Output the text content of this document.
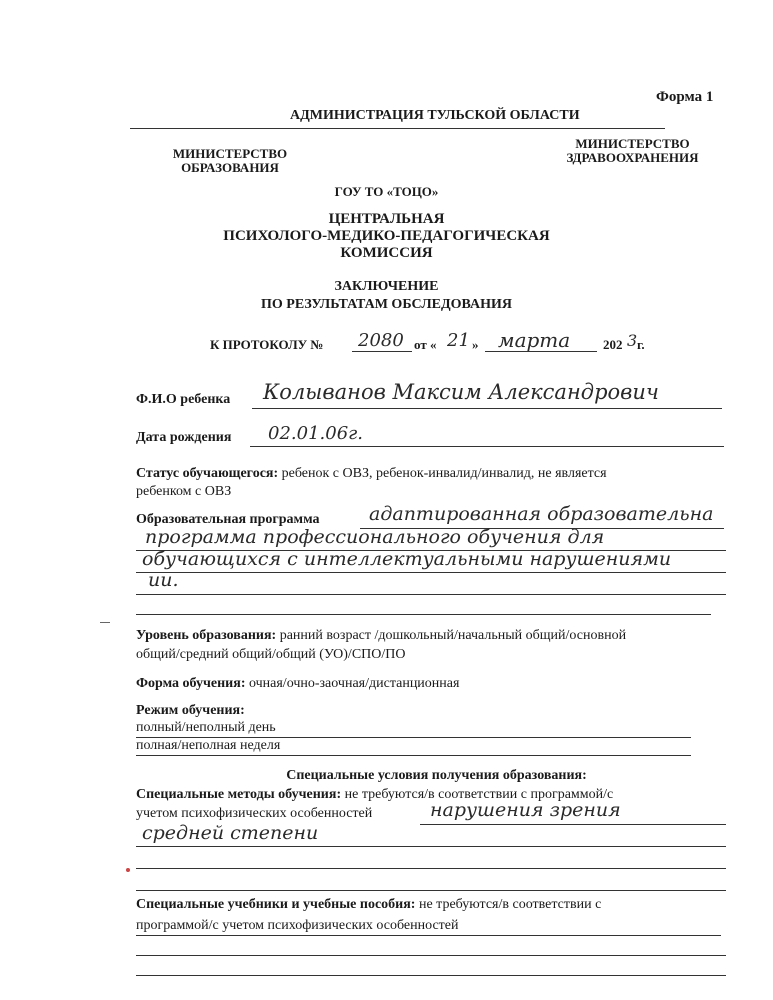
Форма 1
АДМИНИСТРАЦИЯ ТУЛЬСКОЙ ОБЛАСТИ
МИНИСТЕРСТВО
ОБРАЗОВАНИЯ
МИНИСТЕРСТВО
ЗДРАВООХРАНЕНИЯ
ГОУ ТО «ТОЦО»
ЦЕНТРАЛЬНАЯ
ПСИХОЛОГО-МЕДИКО-ПЕДАГОГИЧЕСКАЯ
КОМИССИЯ
ЗАКЛЮЧЕНИЕ
ПО РЕЗУЛЬТАТАМ ОБСЛЕДОВАНИЯ
К ПРОТОКОЛУ № 2080 от « 21 » марта	202 3 г.
Ф.И.О ребенка Колыванов Максим Александрович
Дата рождения 02.01.06г.
Статус обучающегося: ребенок с ОВЗ, ребенок-инвалид/инвалид, не является
ребенком с ОВЗ
Образовательная программа	адаптированная образовательна
программа профессионального обучения для
обучающихся с интеллектуальными нарушениями
ии.
Уровень образования: ранний возраст /дошкольный/начальный общий/основной
общий/средний общий/общий (УО)/СПО/ПО
Форма обучения: очная/очно-заочная/дистанционная
Режим обучения:
полный/неполный день
полная/неполная неделя
Специальные условия получения образования:
Специальные методы обучения: не требуются/в соответствии с программой/с
учетом психофизических особенностей	нарушения зрения
средней степени
Специальные учебники и учебные пособия: не требуются/в соответствии с
программой/с учетом психофизических особенностей
